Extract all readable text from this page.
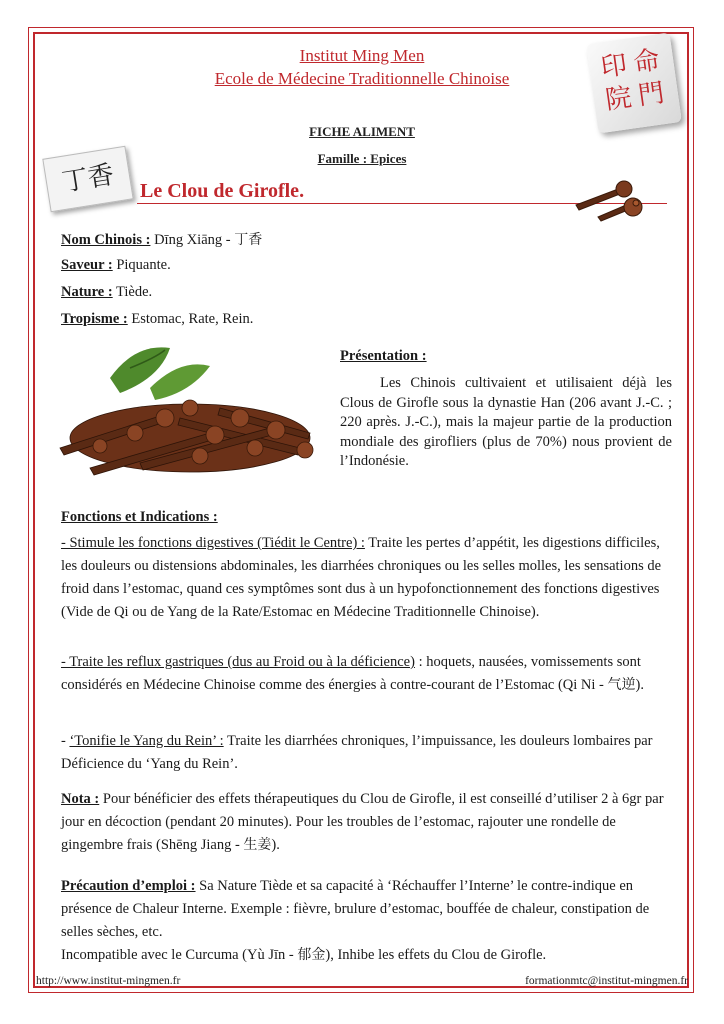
Institut Ming Men
Ecole de Médecine Traditionnelle Chinoise	印 命
院 門
FICHE ALIMENT
Famille : Epices
丁香	Le Clou de Girofle.
Nom Chinois : Dīng Xiāng - 丁香
Saveur : Piquante.
Nature : Tiède.
Tropisme : Estomac, Rate, Rein.
Présentation :
Les Chinois cultivaient et utilisaient déjà les Clous de Girofle sous la dynastie Han (206 avant J.-C. ; 220 après. J.-C.), mais la majeur partie de la production mondiale des girofliers (plus de 70%) nous provient de l’Indonésie.
Fonctions et Indications :
- Stimule les fonctions digestives (Tiédit le Centre) : Traite les pertes d’appétit, les digestions difficiles, les douleurs ou distensions abdominales, les diarrhées chroniques ou les selles molles, les sensations de froid dans l’estomac, quand ces symptômes sont dus à un hypofonctionnement des fonctions digestives (Vide de Qi ou de Yang de la Rate/Estomac en Médecine Traditionnelle Chinoise).
- Traite les reflux gastriques (dus au Froid ou à la déficience) : hoquets, nausées, vomissements sont considérés en Médecine Chinoise comme des énergies à contre-courant de l’Estomac (Qi Ni - 气逆).
- ‘Tonifie le Yang du Rein’ : Traite les diarrhées chroniques, l’impuissance, les douleurs lombaires par Déficience du ‘Yang du Rein’.
Nota : Pour bénéficier des effets thérapeutiques du Clou de Girofle, il est conseillé d’utiliser 2 à 6gr par jour en décoction (pendant 20 minutes). Pour les troubles de l’estomac, rajouter une rondelle de gingembre frais (Shēng Jiang - 生姜).
Précaution d’emploi : Sa Nature Tiède et sa capacité à ‘Réchauffer l’Interne’ le contre-indique en présence de Chaleur Interne. Exemple : fièvre, brulure d’estomac, bouffée de chaleur, constipation de selles sèches, etc.
Incompatible avec le Curcuma (Yù Jīn - 郁金), Inhibe les effets du Clou de Girofle.
http://www.institut-mingmen.fr	formationmtc@institut-mingmen.fr
